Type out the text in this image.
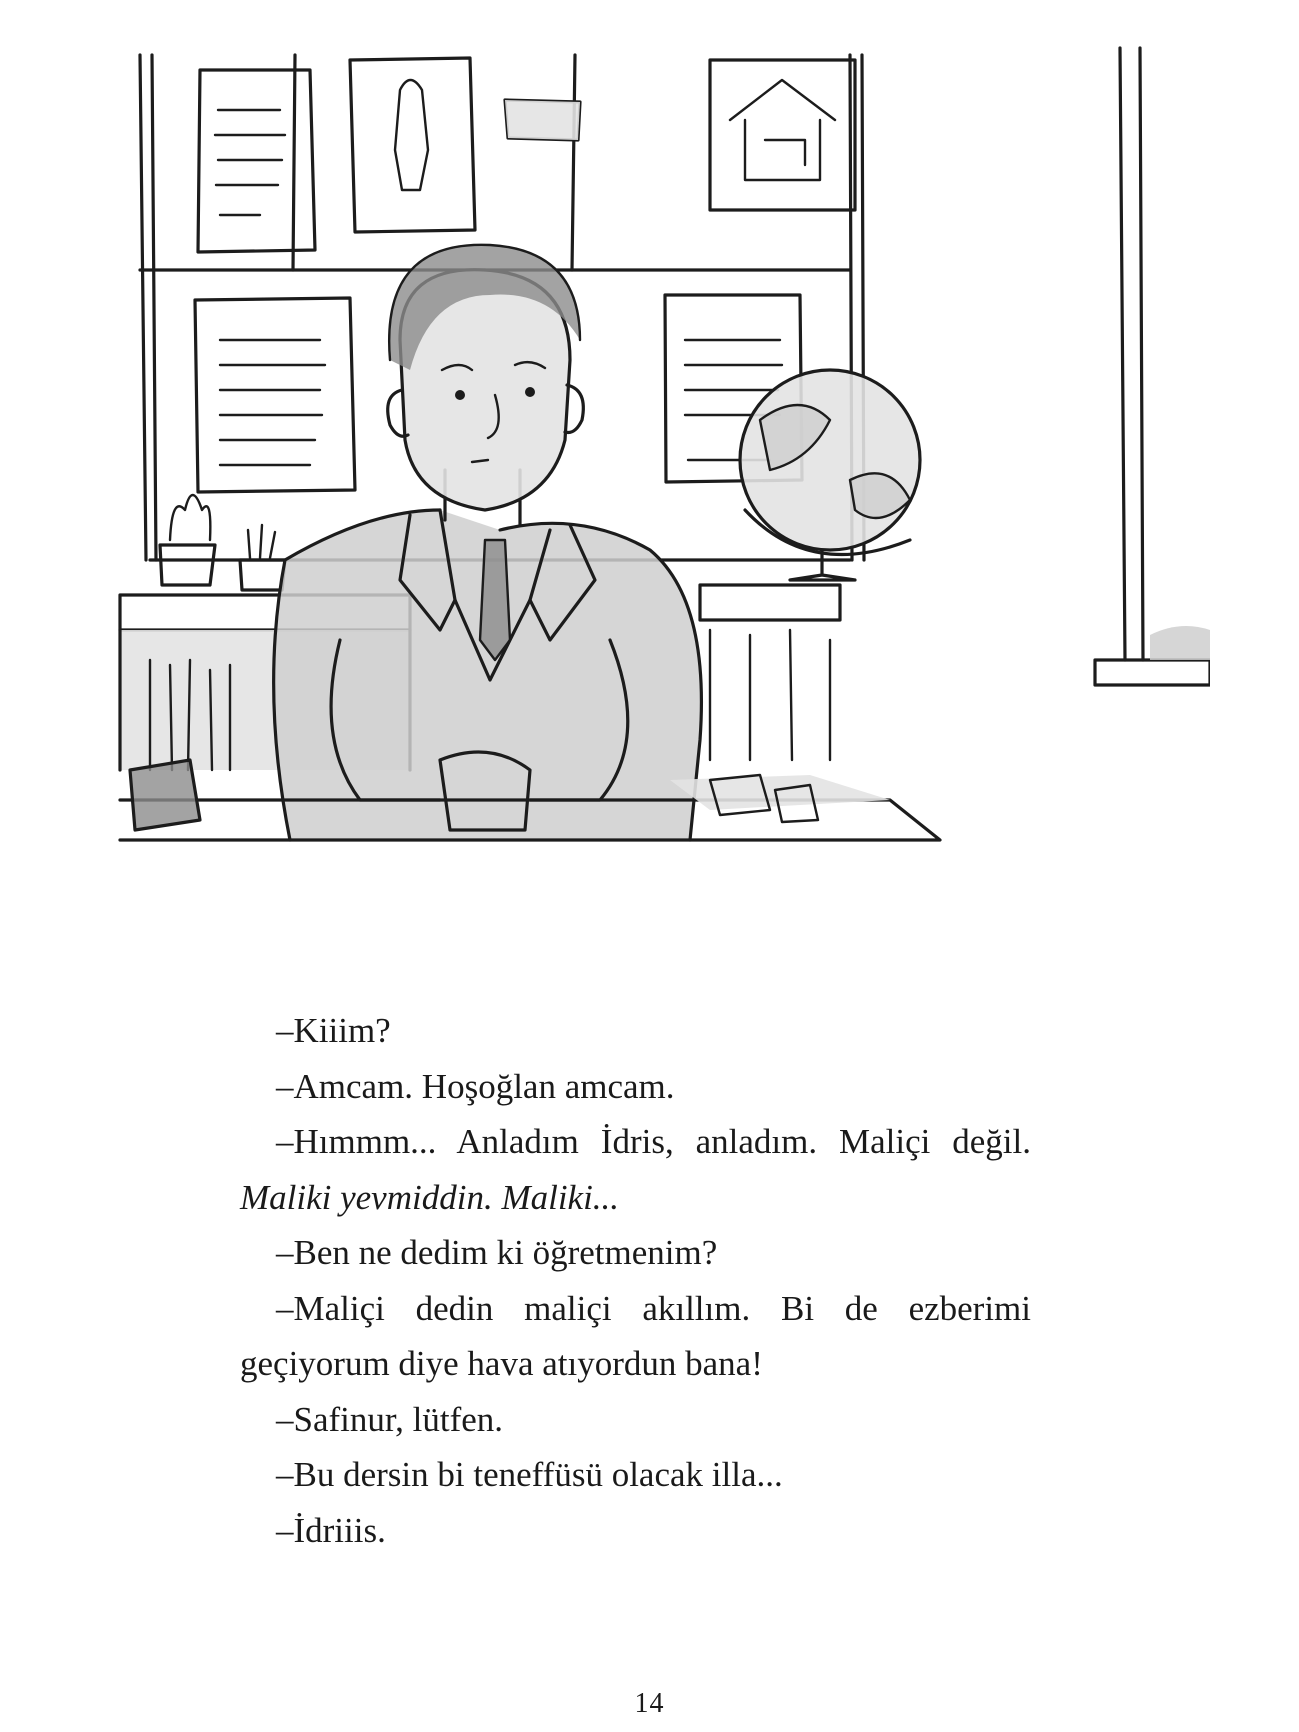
–Kiiim?

–Amcam. Hoşoğlan amcam.

–Hımmm... Anladım İdris, anladım. Maliçi değil. Maliki yevmiddin. Maliki...

–Ben ne dedim ki öğretmenim?

–Maliçi dedin maliçi akıllım. Bi de ezberimi geçiyorum diye hava atıyordun bana!

–Safinur, lütfen.

–Bu dersin bi teneffüsü olacak illa...

–İdriiis.

14
